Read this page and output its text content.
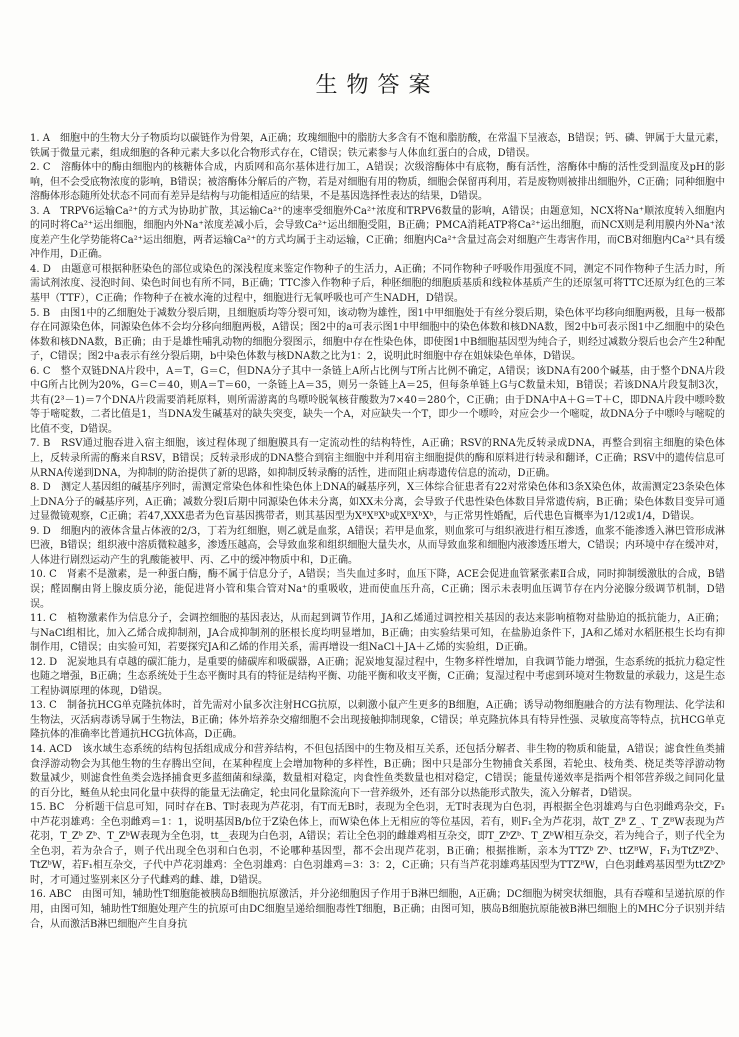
生物答案

1. A　细胞中的生物大分子物质均以碳链作为骨架，A正确；玫瑰细胞中的脂肪大多含有不饱和脂肪酸，在常温下呈液态，B错误；钙、磷、钾属于大量元素，铁属于微量元素，组成细胞的各种元素大多以化合物形式存在，C错误；铁元素参与人体血红蛋白的合成，D错误。

2. C　溶酶体中的酶由细胞内的核糖体合成，内质网和高尔基体进行加工，A错误；次级溶酶体中有底物，酶有活性，溶酶体中酶的活性受到温度及pH的影响，但不会受底物浓度的影响，B错误；被溶酶体分解后的产物，若是对细胞有用的物质，细胞会保留再利用，若是废物则被排出细胞外，C正确；同种细胞中溶酶体形态随所处状态不同而有差异是结构与功能相适应的结果，不是基因选择性表达的结果，D错误。

3. A　TRPV6运输Ca²⁺的方式为协助扩散，其运输Ca²⁺的速率受细胞外Ca²⁺浓度和TRPV6数量的影响，A错误；由题意知，NCX将Na⁺顺浓度转入细胞内的同时将Ca²⁺运出细胞，细胞内外Na⁺浓度差减小后，会导致Ca²⁺运出细胞受阻，B正确；PMCA消耗ATP将Ca²⁺运出细胞，而NCX则是利用膜内外Na⁺浓度差产生化学势能将Ca²⁺运出细胞，两者运输Ca²⁺的方式均属于主动运输，C正确；细胞内Ca²⁺含量过高会对细胞产生毒害作用，而CB对细胞内Ca²⁺具有缓冲作用，D正确。

4. D　由题意可根据种胚染色的部位或染色的深浅程度来鉴定作物种子的生活力，A正确；不同作物种子呼吸作用强度不同，测定不同作物种子生活力时，所需试剂浓度、浸泡时间、染色时间也有所不同，B正确；TTC渗入作物种子后，种胚细胞的细胞质基质和线粒体基质产生的还原氢可将TTC还原为红色的三苯基甲（TTF），C正确；作物种子在被水淹的过程中，细胞进行无氧呼吸也可产生NADH，D错误。

5. B　由图1中的乙细胞处于减数分裂后期，且细胞质均等分裂可知，该动物为雄性，图1中甲细胞处于有丝分裂后期，染色体平均移向细胞两极，且每一极都存在同源染色体，同源染色体不会均分移向细胞两极，A错误；图2中的a可表示图1中甲细胞中的染色体数和核DNA数，图2中b可表示图1中乙细胞中的染色体数和核DNA数，B正确；由于是雄性哺乳动物的细胞分裂图示，细胞中存在性染色体，即使图1中B细胞基因型为纯合子，则经过减数分裂后也会产生2种配子，C错误；图2中a表示有丝分裂后期，b中染色体数与核DNA数之比为1：2，说明此时细胞中存在姐妹染色单体，D错误。

6. C　整个双链DNA片段中，A＝T，G＝C，但DNA分子其中一条链上A所占比例与T所占比例不确定，A错误；该DNA有200个碱基，由于整个DNA片段中G所占比例为20%，G＝C＝40，则A＝T＝60，一条链上A＝35，则另一条链上A＝25，但每条单链上G与C数量未知，B错误；若该DNA片段复制3次，共有(2³－1)＝7个DNA片段需要消耗原料，则所需游离的鸟嘌呤脱氧核苷酸数为7×40＝280个，C正确；由于DNA中A＋G＝T＋C，即DNA片段中嘌呤数等于嘧啶数，二者比值是1，当DNA发生碱基对的缺失突变，缺失一个A，对应缺失一个T，即少一个嘌呤，对应会少一个嘧啶，故DNA分子中嘌呤与嘧啶的比值不变，D错误。

7. B　RSV通过胞吞进入宿主细胞，该过程体现了细胞膜具有一定流动性的结构特性，A正确；RSV的RNA先反转录成DNA，再整合到宿主细胞的染色体上，反转录所需的酶来自RSV，B错误；反转录形成的DNA整合到宿主细胞中并利用宿主细胞提供的酶和原料进行转录和翻译，C正确；RSV中的遗传信息可从RNA传递到DNA，为抑制的防治提供了新的思路，如抑制反转录酶的活性，进而阻止病毒遗传信息的流动，D正确。

8. D　测定人基因组的碱基序列时，需测定常染色体和性染色体上DNA的碱基序列，X三体综合征患者有22对常染色体和3条X染色体，故需测定23条染色体上DNA分子的碱基序列，A正确；减数分裂Ⅰ后期中同源染色体未分离，如XX未分离，会导致子代患性染色体数目异常遗传病，B正确；染色体数目变异可通过显微镜观察，C正确；若47,XXX患者为色盲基因携带者，则其基因型为XᴮXᴮXᵇ或XᴮXᵇXᵇ，与正常男性婚配，后代患色盲概率为1/12或1/4，D错误。

9. D　细胞内的液体含量占体液的2/3，丁若为红细胞，则乙就是血浆，A错误；若甲是血浆，则血浆可与组织液进行相互渗透，血浆不能渗透入淋巴管形成淋巴液，B错误；组织液中溶质微粒越多，渗透压越高，会导致血浆和组织细胞大量失水，从而导致血浆和细胞内液渗透压增大，C错误；内环境中存在缓冲对，人体进行剧烈运动产生的乳酸能被甲、丙、乙中的缓冲物质中和，D正确。

10. C　肾素不是激素，是一种蛋白酶，酶不属于信息分子，A错误；当失血过多时，血压下降，ACE会促进血管紧张素Ⅱ合成，同时抑制缓激肽的合成，B错误；醛固酮由肾上腺皮质分泌，能促进肾小管和集合管对Na⁺的重吸收，进而使血压升高，C正确；图示未表明血压调节存在内分泌腺分级调节机制，D错误。

11. C　植物激素作为信息分子，会调控细胞的基因表达，从而起到调节作用，JA和乙烯通过调控相关基因的表达来影响植物对盐胁迫的抵抗能力，A正确；与NaCl组相比，加入乙烯合成抑制剂，JA合成抑制剂的胚根长度均明显增加，B正确；由实验结果可知，在盐胁迫条件下，JA和乙烯对水稻胚根生长均有抑制作用，C错误；由实验可知，若要探究JA和乙烯的作用关系，需再增设一组NaCl＋JA＋乙烯的实验组，D正确。

12. D　泥炭地具有卓越的碳汇能力，是重要的储碳库和吸碳器，A正确；泥炭地复湿过程中，生物多样性增加，自我调节能力增强，生态系统的抵抗力稳定性也随之增强，B正确；生态系统处于生态平衡时具有的特征是结构平衡、功能平衡和收支平衡，C正确；复湿过程中考虑到环境对生物数量的承载力，这是生态工程协调原理的体现，D错误。

13. C　制备抗HCG单克隆抗体时，首先需对小鼠多次注射HCG抗原，以刺激小鼠产生更多的B细胞，A正确；诱导动物细胞融合的方法有物理法、化学法和生物法，灭活病毒诱导属于生物法，B正确；体外培养杂交瘤细胞不会出现接触抑制现象，C错误；单克隆抗体具有特异性强、灵敏度高等特点，抗HCG单克隆抗体的准确率比普通抗HCG抗体高，D正确。

14. ACD　该水域生态系统的结构包括组成成分和营养结构，不但包括图中的生物及相互关系，还包括分解者、非生物的物质和能量，A错误；滤食性鱼类捕食浮游动物会为其他生物的生存腾出空间，在某种程度上会增加物种的多样性，B正确；图中只是部分生物捕食关系图，若轮虫、枝角类、桡足类等浮游动物数量减少，则滤食性鱼类会选择捕食更多蓝细菌和绿藻，数量相对稳定，肉食性鱼类数量也相对稳定，C错误；能量传递效率是指两个相邻营养级之间同化量的百分比，鲢鱼从轮虫同化量中获得的能量无法确定，轮虫同化量除流向下一营养级外，还有部分以热能形式散失，流入分解者，D错误。

15. BC　分析题干信息可知，同时存在B、T时表现为芦花羽，有T而无B时，表现为全色羽，无T时表现为白色羽，再根据全色羽雄鸡与白色羽雌鸡杂交，F₁中芦花羽雄鸡：全色羽雌鸡＝1：1，说明基因B/b位于Z染色体上，而W染色体上无相应的等位基因，若有，则F₁全为芦花羽，故T_Zᴮ Z_、T_ZᴮW表现为芦花羽，T_Zᵇ Zᵇ、T_ZᵇW表现为全色羽，tt__表现为白色羽，A错误；若让全色羽的雌雄鸡相互杂交，即T_ZᵇZᵇ、T_ZᵇW相互杂交，若为纯合子，则子代全为全色羽，若为杂合子，则子代出现全色羽和白色羽，不论哪种基因型，都不会出现芦花羽，B正确；根据推断，亲本为TTZᵇ Zᵇ、ttZᴮW，F₁为TtZᴮZᵇ、TtZᵇW，若F₁相互杂交，子代中芦花羽雄鸡：全色羽雄鸡：白色羽雄鸡＝3：3：2，C正确；只有当芦花羽雄鸡基因型为TTZᴮW，白色羽雌鸡基因型为ttZᵇZᵇ时，才可通过鉴别来区分子代雌鸡的雌、雄，D错误。

16. ABC　由图可知，辅助性T细胞能被胰岛B细胞抗原激活，并分泌细胞因子作用于B淋巴细胞，A正确；DC细胞为树突状细胞，具有吞噬和呈递抗原的作用，由图可知，辅助性T细胞处理产生的抗原可由DC细胞呈递给细胞毒性T细胞，B正确；由图可知，胰岛B细胞抗原能被B淋巴细胞上的MHC分子识别并结合，从而激活B淋巴细胞产生自身抗
